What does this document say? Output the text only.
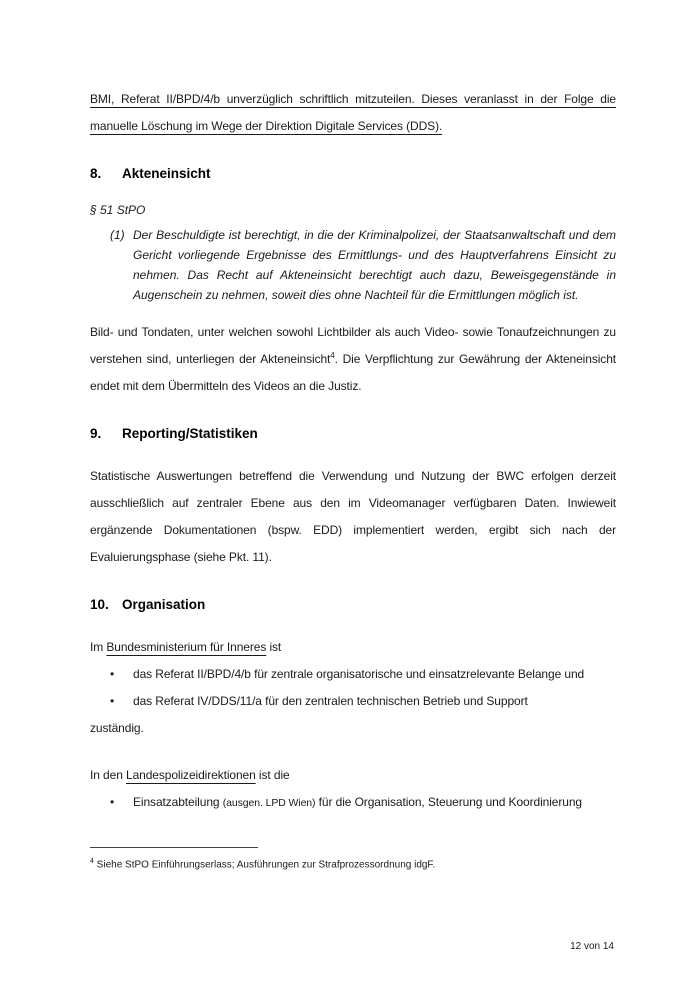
BMI, Referat II/BPD/4/b unverzüglich schriftlich mitzuteilen. Dieses veranlasst in der Folge die manuelle Löschung im Wege der Direktion Digitale Services (DDS).

8.	Akteneinsicht

§ 51 StPO

(1) Der Beschuldigte ist berechtigt, in die der Kriminalpolizei, der Staatsanwaltschaft und dem Gericht vorliegende Ergebnisse des Ermittlungs- und des Hauptverfahrens Einsicht zu nehmen. Das Recht auf Akteneinsicht berechtigt auch dazu, Beweisgegenstände in Augenschein zu nehmen, soweit dies ohne Nachteil für die Ermittlungen möglich ist.

Bild- und Tondaten, unter welchen sowohl Lichtbilder als auch Video- sowie Tonaufzeichnungen zu verstehen sind, unterliegen der Akteneinsicht$^4$. Die Verpflichtung zur Gewährung der Akteneinsicht endet mit dem Übermitteln des Videos an die Justiz.

9.	Reporting/Statistiken

Statistische Auswertungen betreffend die Verwendung und Nutzung der BWC erfolgen derzeit ausschließlich auf zentraler Ebene aus den im Videomanager verfügbaren Daten. Inwieweit ergänzende Dokumentationen (bspw. EDD) implementiert werden, ergibt sich nach der Evaluierungsphase (siehe Pkt. 11).

10. Organisation

Im Bundesministerium für Inneres ist

•	das Referat II/BPD/4/b für zentrale organisatorische und einsatzrelevante Belange und
•	das Referat IV/DDS/11/a für den zentralen technischen Betrieb und Support

zuständig.

In den Landespolizeidirektionen ist die

•	Einsatzabteilung (ausgen. LPD Wien) für die Organisation, Steuerung und Koordinierung
$^4$ Siehe StPO Einführungserlass; Ausführungen zur Strafprozessordnung idgF.
12 von 14
